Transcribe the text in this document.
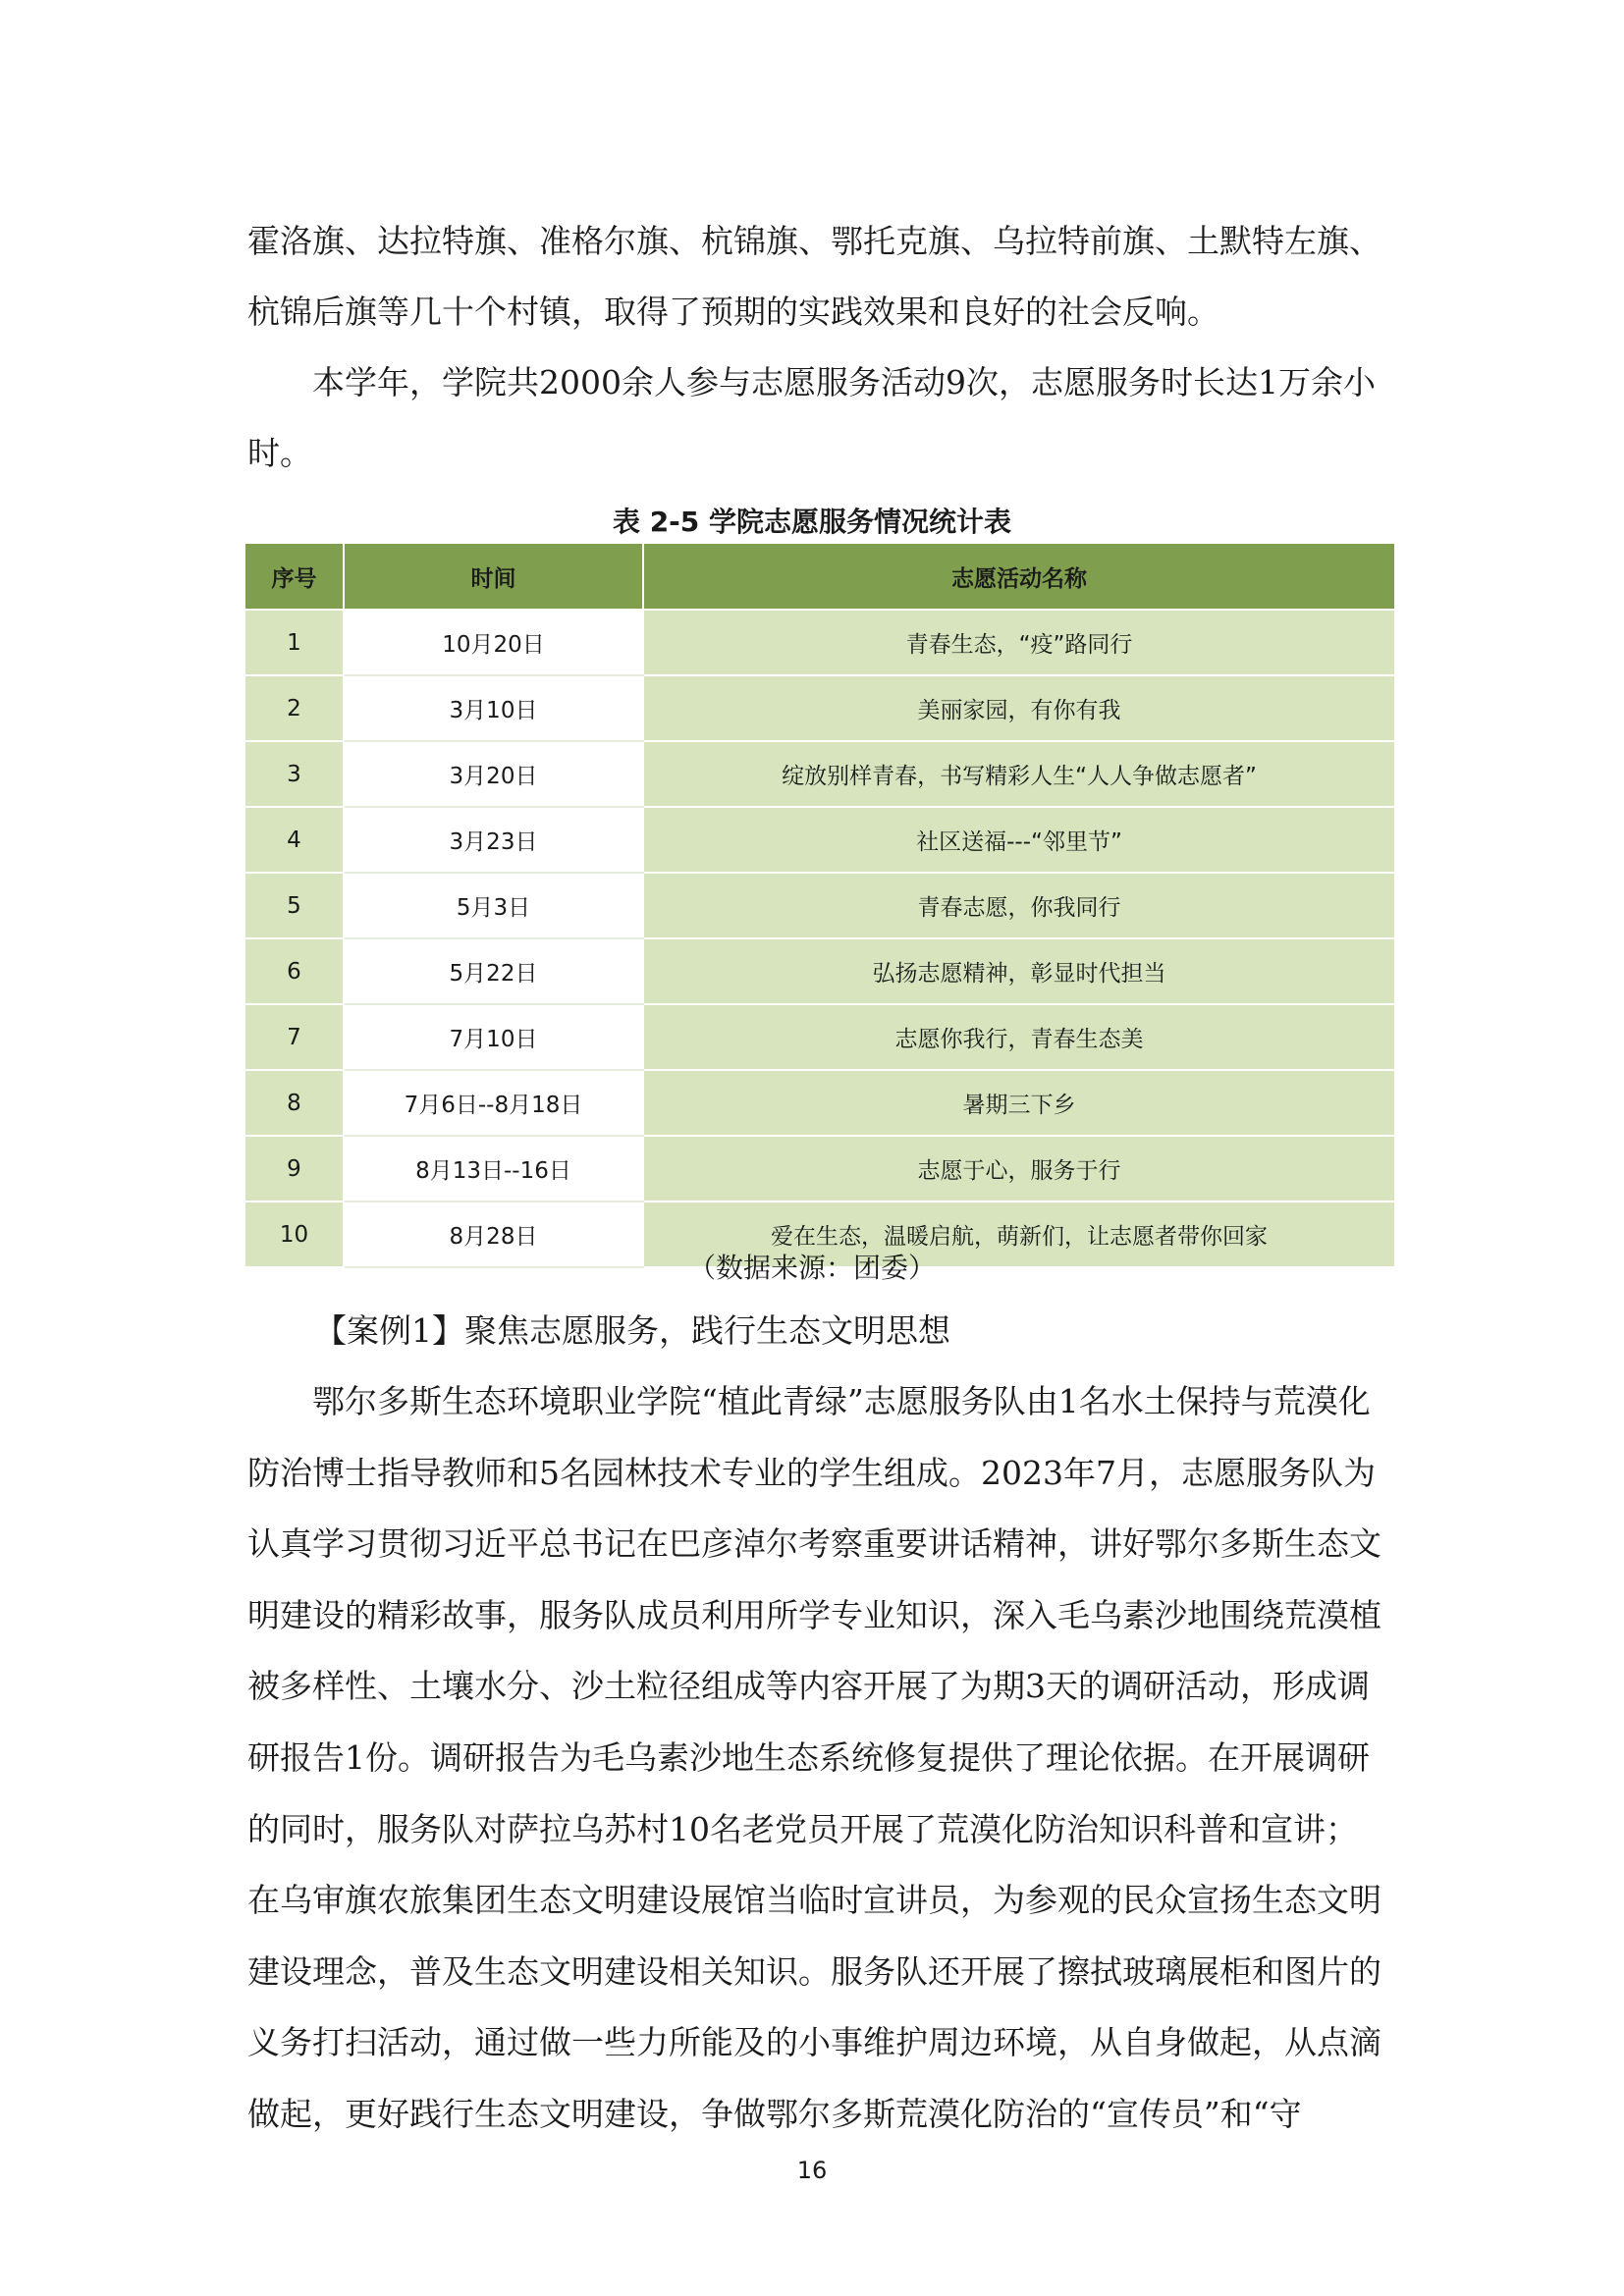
霍洛旗、达拉特旗、准格尔旗、杭锦旗、鄂托克旗、乌拉特前旗、土默特左旗、杭锦后旗等几十个村镇，取得了预期的实践效果和良好的社会反响。

本学年，学院共2000余人参与志愿服务活动9次，志愿服务时长达1万余小时。

表 2-5 学院志愿服务情况统计表
序号	时间	志愿活动名称
1	10月20日	青春生态，“疫”路同行
2	3月10日	美丽家园，有你有我
3	3月20日	绽放别样青春，书写精彩人生“人人争做志愿者”
4	3月23日	社区送福---“邻里节”
5	5月3日	青春志愿，你我同行
6	5月22日	弘扬志愿精神，彰显时代担当
7	7月10日	志愿你我行，青春生态美
8	7月6日--8月18日	暑期三下乡
9	8月13日--16日	志愿于心，服务于行
10	8月28日	爱在生态，温暖启航，萌新们，让志愿者带你回家
（数据来源：团委）

【案例1】聚焦志愿服务，践行生态文明思想

鄂尔多斯生态环境职业学院“植此青绿”志愿服务队由1名水土保持与荒漠化防治博士指导教师和5名园林技术专业的学生组成。2023年7月，志愿服务队为认真学习贯彻习近平总书记在巴彦淖尔考察重要讲话精神，讲好鄂尔多斯生态文明建设的精彩故事，服务队成员利用所学专业知识，深入毛乌素沙地围绕荒漠植被多样性、土壤水分、沙土粒径组成等内容开展了为期3天的调研活动，形成调研报告1份。调研报告为毛乌素沙地生态系统修复提供了理论依据。在开展调研的同时，服务队对萨拉乌苏村10名老党员开展了荒漠化防治知识科普和宣讲；在乌审旗农旅集团生态文明建设展馆当临时宣讲员，为参观的民众宣扬生态文明建设理念，普及生态文明建设相关知识。服务队还开展了擦拭玻璃展柜和图片的义务打扫活动，通过做一些力所能及的小事维护周边环境，从自身做起，从点滴做起，更好践行生态文明建设，争做鄂尔多斯荒漠化防治的“宣传员”和“守

16
